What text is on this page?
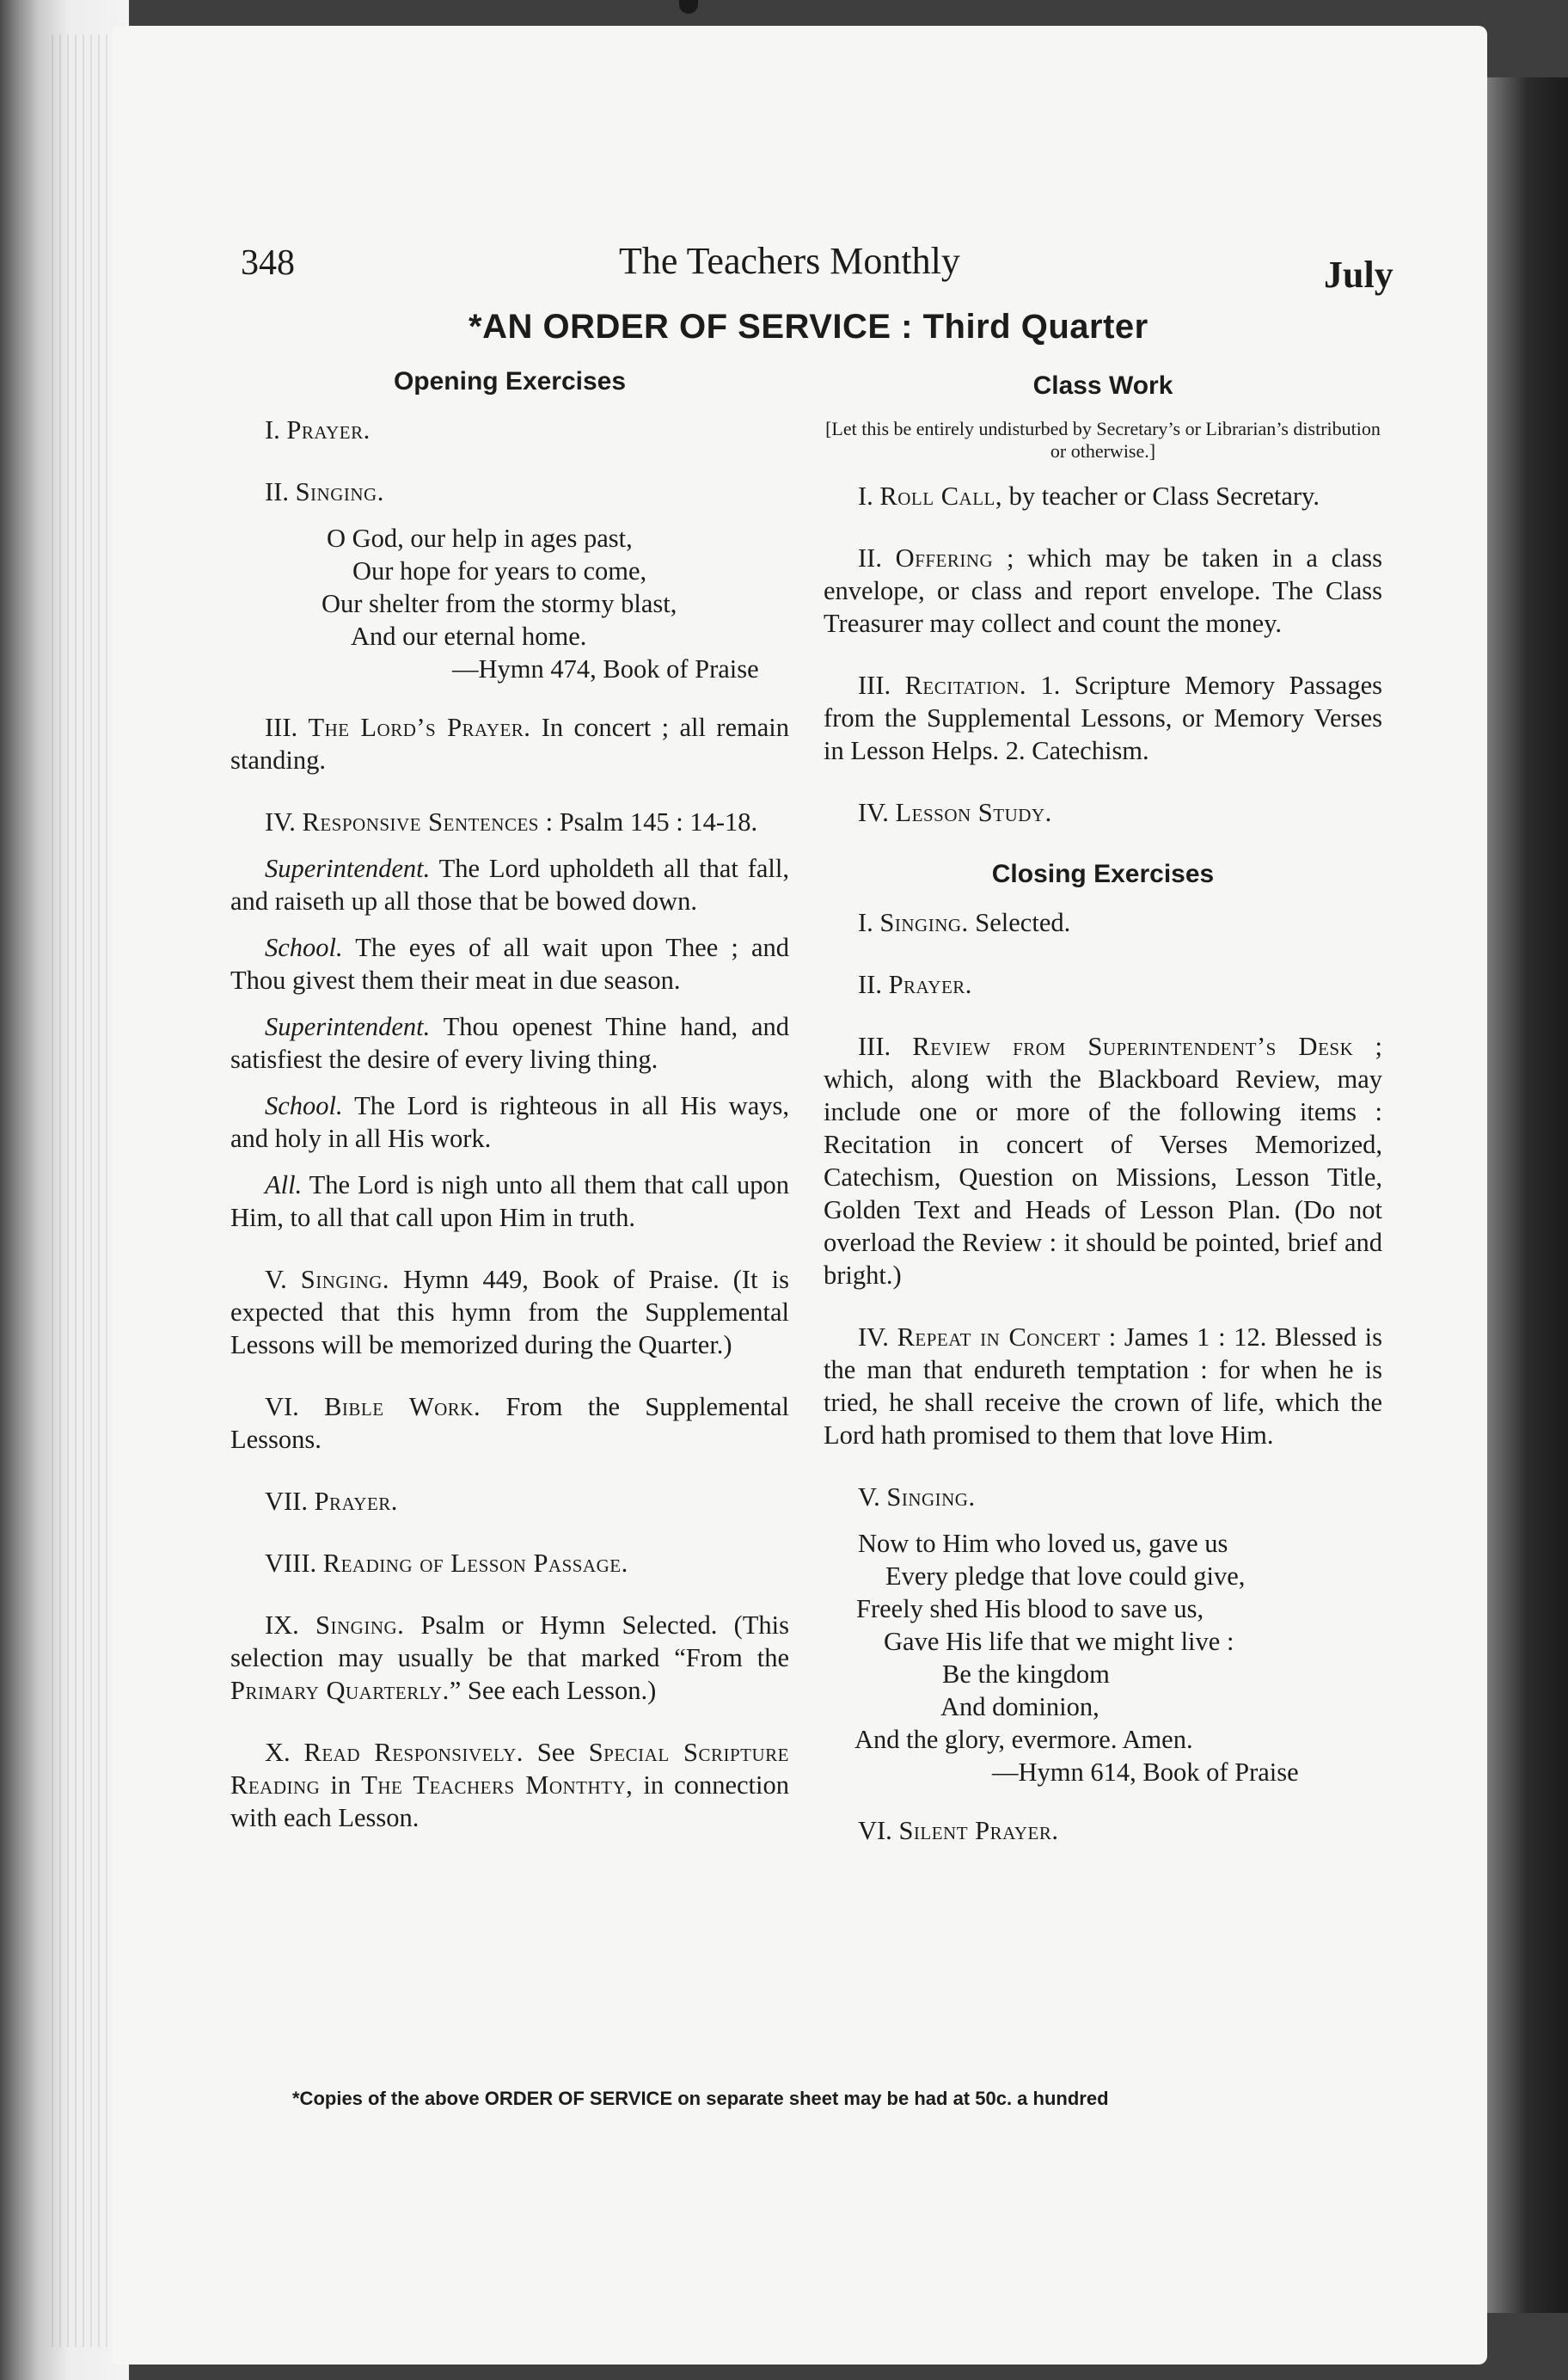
348	The Teachers Monthly	July
*AN ORDER OF SERVICE : Third Quarter
Opening Exercises

I. Prayer.

II. Singing.

O God, our help in ages past,
Our hope for years to come,
Our shelter from the stormy blast,
And our eternal home.
—Hymn 474, Book of Praise

III. The Lord’s Prayer. In concert ; all remain standing.

IV. Responsive Sentences : Psalm 145 : 14-18.

Superintendent. The Lord upholdeth all that fall, and raiseth up all those that be bowed down.

School. The eyes of all wait upon Thee ; and Thou givest them their meat in due season.

Superintendent. Thou openest Thine hand, and satisfiest the desire of every living thing.

School. The Lord is righteous in all His ways, and holy in all His work.

All. The Lord is nigh unto all them that call upon Him, to all that call upon Him in truth.

V. Singing. Hymn 449, Book of Praise. (It is expected that this hymn from the Supplemental Lessons will be memorized during the Quarter.)

VI. Bible Work. From the Supplemental Lessons.

VII. Prayer.

VIII. Reading of Lesson Passage.

IX. Singing. Psalm or Hymn Selected. (This selection may usually be that marked “From the Primary Quarterly.” See each Lesson.)

X. Read Responsively. See Special Scripture Reading in The Teachers Monthty, in connection with each Lesson.

Class Work
[Let this be entirely undisturbed by Secretary’s or Librarian’s distribution or otherwise.]

I. Roll Call, by teacher or Class Secretary.

II. Offering ; which may be taken in a class envelope, or class and report envelope. The Class Treasurer may collect and count the money.

III. Recitation. 1. Scripture Memory Passages from the Supplemental Lessons, or Memory Verses in Lesson Helps. 2. Catechism.

IV. Lesson Study.

Closing Exercises

I. Singing. Selected.

II. Prayer.

III. Review from Superintendent’s Desk ; which, along with the Blackboard Review, may include one or more of the following items : Recitation in concert of Verses Memorized, Catechism, Question on Missions, Lesson Title, Golden Text and Heads of Lesson Plan. (Do not overload the Review : it should be pointed, brief and bright.)

IV. Repeat in Concert : James 1 : 12. Blessed is the man that endureth temptation : for when he is tried, he shall receive the crown of life, which the Lord hath promised to them that love Him.

V. Singing.

Now to Him who loved us, gave us
Every pledge that love could give,
Freely shed His blood to save us,
Gave His life that we might live :
Be the kingdom
And dominion,
And the glory, evermore. Amen.
—Hymn 614, Book of Praise

VI. Silent Prayer.

*Copies of the above ORDER OF SERVICE on separate sheet may be had at 50c. a hundred
